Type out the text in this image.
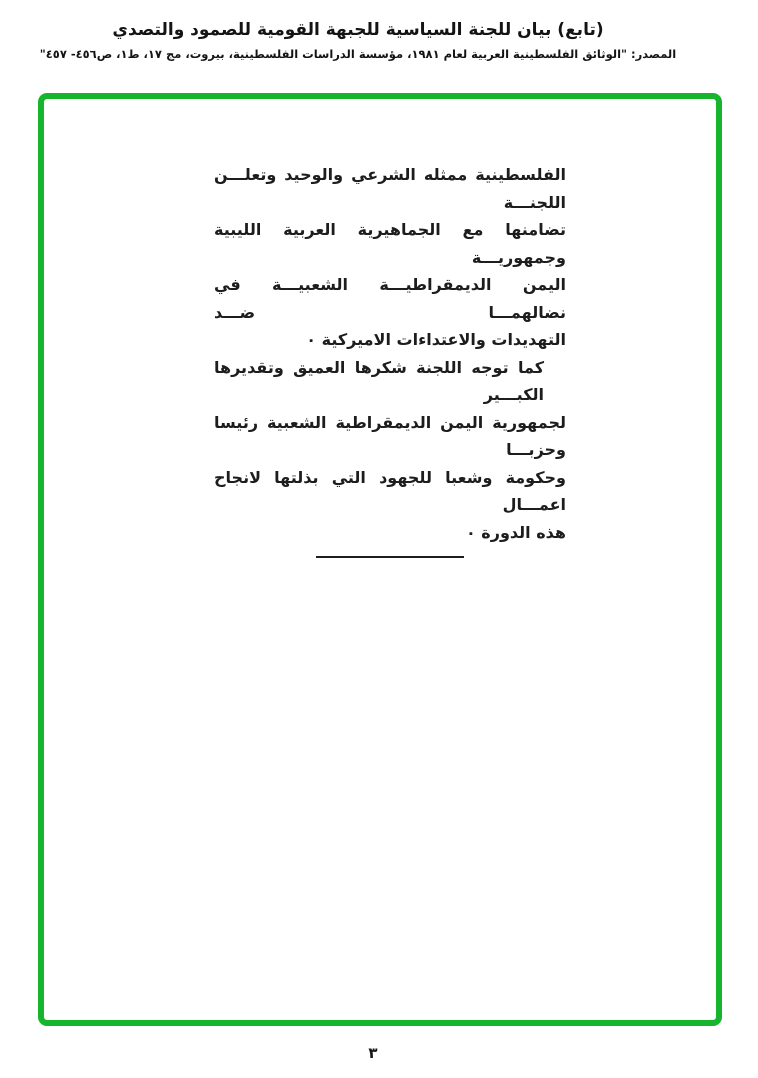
(تابع) بيان للجنة السياسية للجبهة القومية للصمود والتصدي
المصدر: "الوثائق الفلسطينية العربية لعام ١٩٨١، مؤسسة الدراسات الفلسطينية، بيروت، مج ١٧، ط١، ص٤٥٦- ٤٥٧"
الفلسطينية ممثله الشرعي والوحيد وتعلـــن اللجنـــة
تضامنها مع الجماهيرية العربية الليبية وجمهوريـــة
اليمن الديمقراطيـــة الشعبيـــة في نضالهمـــا ضـــد
التهديدات والاعتداءات الاميركية ٠
كما توجه اللجنة شكرها العميق وتقديرها الكبـــير
لجمهورية اليمن الديمقراطية الشعبية رئيسا وحزبـــا
وحكومة وشعبا للجهود التي بذلتها لانجاح اعمـــال
هذه الدورة ٠
٣
